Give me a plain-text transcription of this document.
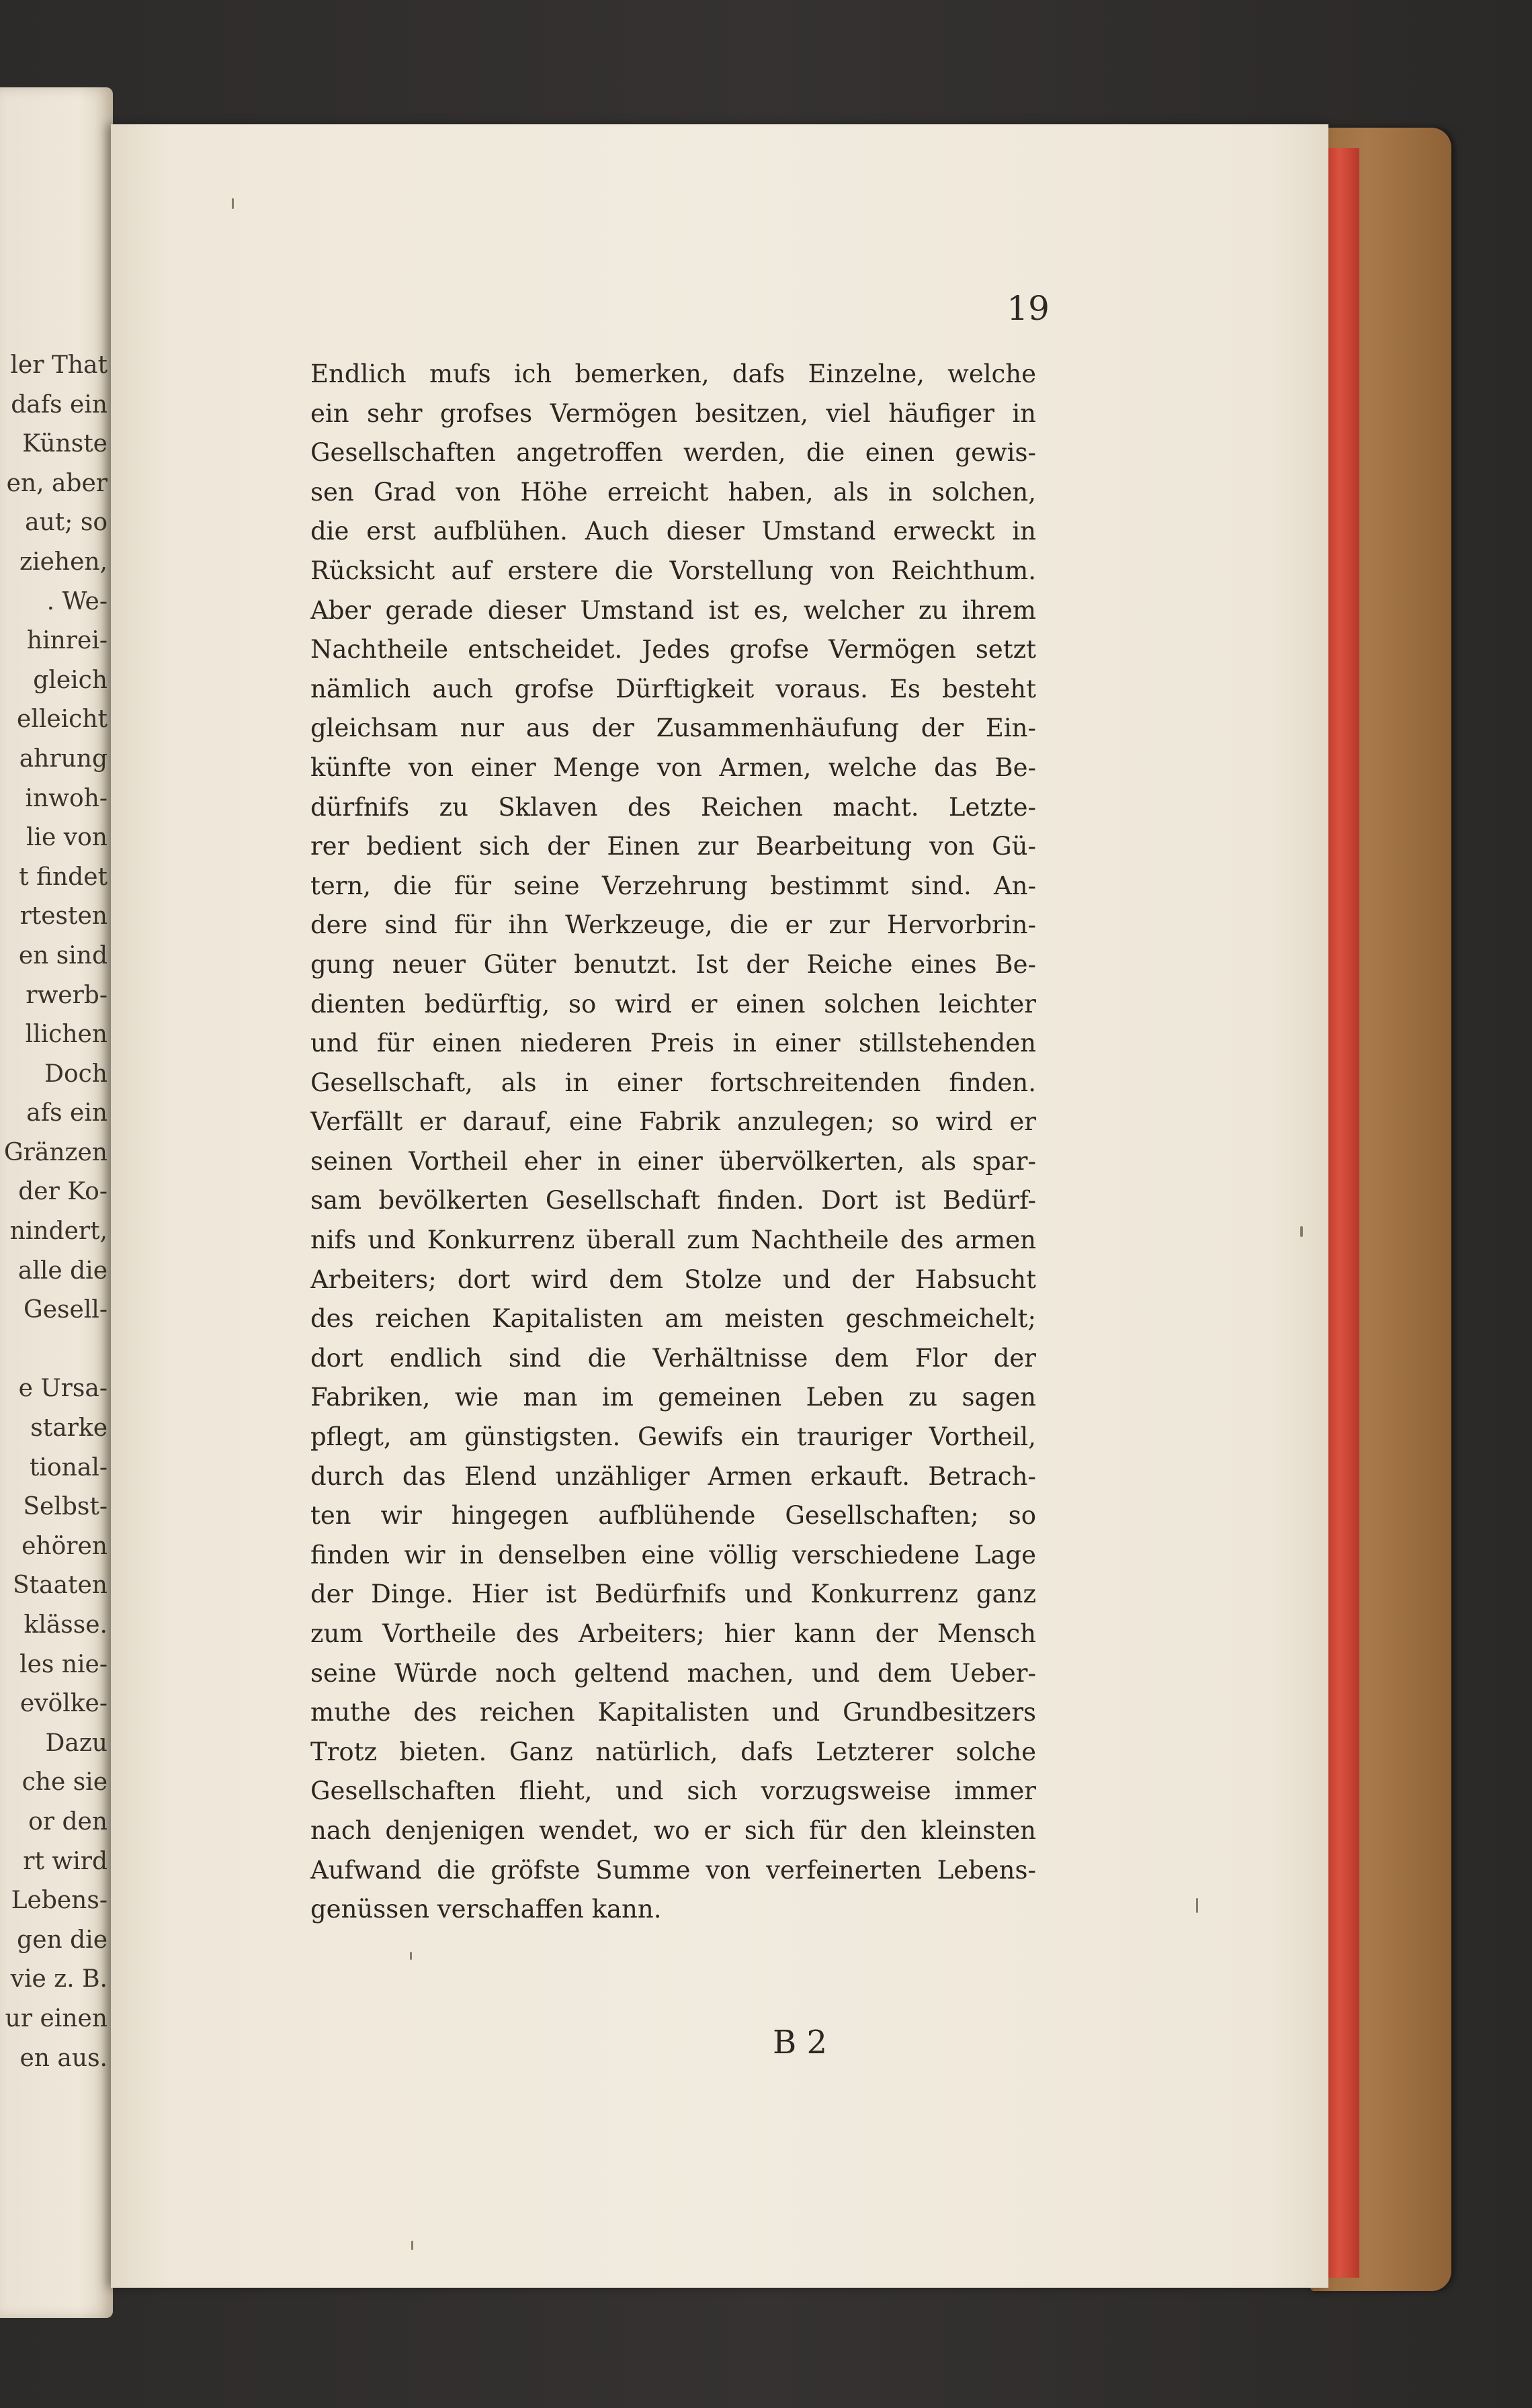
ler That
dafs ein
Künste
en, aber
aut; so
ziehen,
. We-
hinrei-
gleich
elleicht
ahrung
inwoh-
lie von
t findet
rtesten
en sind
rwerb-
llichen
Doch
afs ein
Gränzen
der Ko-
nindert,
alle die
Gesell-
e Ursa-
starke
tional-
Selbst-
ehören
Staaten
klässe.
les nie-
evölke-
Dazu
che sie
or den
rt wird
Lebens-
gen die
vie z. B.
ur einen
en aus.
19
Endlich mufs ich bemerken, dafs Einzelne, welche
ein sehr grofses Vermögen besitzen, viel häufiger in
Gesellschaften angetroffen werden, die einen gewis-
sen Grad von Höhe erreicht haben, als in solchen,
die erst aufblühen. Auch dieser Umstand erweckt in
Rücksicht auf erstere die Vorstellung von Reichthum.
Aber gerade dieser Umstand ist es, welcher zu ihrem
Nachtheile entscheidet. Jedes grofse Vermögen setzt
nämlich auch grofse Dürftigkeit voraus. Es besteht
gleichsam nur aus der Zusammenhäufung der Ein-
künfte von einer Menge von Armen, welche das Be-
dürfnifs zu Sklaven des Reichen macht. Letzte-
rer bedient sich der Einen zur Bearbeitung von Gü-
tern, die für seine Verzehrung bestimmt sind. An-
dere sind für ihn Werkzeuge, die er zur Hervorbrin-
gung neuer Güter benutzt. Ist der Reiche eines Be-
dienten bedürftig, so wird er einen solchen leichter
und für einen niederen Preis in einer stillstehenden
Gesellschaft, als in einer fortschreitenden finden.
Verfällt er darauf, eine Fabrik anzulegen; so wird er
seinen Vortheil eher in einer übervölkerten, als spar-
sam bevölkerten Gesellschaft finden. Dort ist Bedürf-
nifs und Konkurrenz überall zum Nachtheile des armen
Arbeiters; dort wird dem Stolze und der Habsucht
des reichen Kapitalisten am meisten geschmeichelt;
dort endlich sind die Verhältnisse dem Flor der
Fabriken, wie man im gemeinen Leben zu sagen
pflegt, am günstigsten. Gewifs ein trauriger Vortheil,
durch das Elend unzähliger Armen erkauft. Betrach-
ten wir hingegen aufblühende Gesellschaften; so
finden wir in denselben eine völlig verschiedene Lage
der Dinge. Hier ist Bedürfnifs und Konkurrenz ganz
zum Vortheile des Arbeiters; hier kann der Mensch
seine Würde noch geltend machen, und dem Ueber-
muthe des reichen Kapitalisten und Grundbesitzers
Trotz bieten. Ganz natürlich, dafs Letzterer solche
Gesellschaften flieht, und sich vorzugsweise immer
nach denjenigen wendet, wo er sich für den kleinsten
Aufwand die gröfste Summe von verfeinerten Lebens-
genüssen verschaffen kann.
B 2
